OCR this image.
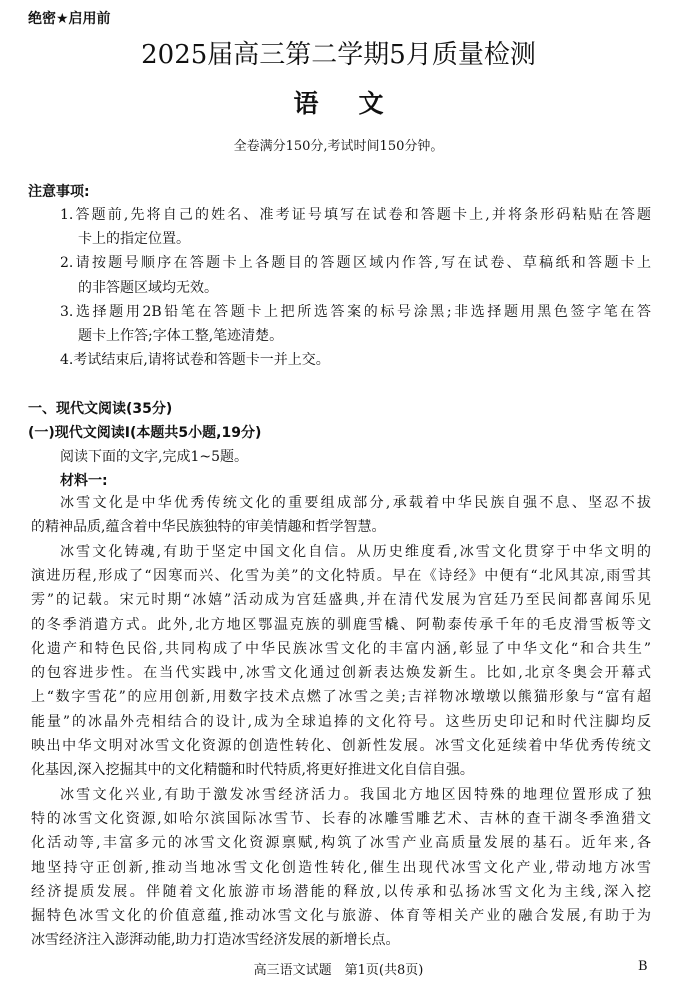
绝密★启用前
2025届高三第二学期5月质量检测
语文
全卷满分150分,考试时间150分钟。
注意事项:
1.答题前,先将自己的姓名、准考证号填写在试卷和答题卡上,并将条形码粘贴在答题
卡上的指定位置。
2.请按题号顺序在答题卡上各题目的答题区域内作答,写在试卷、草稿纸和答题卡上
的非答题区域均无效。
3.选择题用2B铅笔在答题卡上把所选答案的标号涂黑;非选择题用黑色签字笔在答
题卡上作答;字体工整,笔迹清楚。
4.考试结束后,请将试卷和答题卡一并上交。
一、现代文阅读(35分)
(一)现代文阅读Ⅰ(本题共5小题,19分)
阅读下面的文字,完成1~5题。
材料一:
冰雪文化是中华优秀传统文化的重要组成部分,承载着中华民族自强不息、坚忍不拔
的精神品质,蕴含着中华民族独特的审美情趣和哲学智慧。
冰雪文化铸魂,有助于坚定中国文化自信。从历史维度看,冰雪文化贯穿于中华文明的
演进历程,形成了“因寒而兴、化雪为美”的文化特质。早在《诗经》中便有“北风其凉,雨雪其
雱”的记载。宋元时期“冰嬉”活动成为宫廷盛典,并在清代发展为宫廷乃至民间都喜闻乐见
的冬季消遣方式。此外,北方地区鄂温克族的驯鹿雪橇、阿勒泰传承千年的毛皮滑雪板等文
化遗产和特色民俗,共同构成了中华民族冰雪文化的丰富内涵,彰显了中华文化“和合共生”
的包容进步性。在当代实践中,冰雪文化通过创新表达焕发新生。比如,北京冬奥会开幕式
上“数字雪花”的应用创新,用数字技术点燃了冰雪之美;吉祥物冰墩墩以熊猫形象与“富有超
能量”的冰晶外壳相结合的设计,成为全球追捧的文化符号。这些历史印记和时代注脚均反
映出中华文明对冰雪文化资源的创造性转化、创新性发展。冰雪文化延续着中华优秀传统文
化基因,深入挖掘其中的文化精髓和时代特质,将更好推进文化自信自强。
冰雪文化兴业,有助于激发冰雪经济活力。我国北方地区因特殊的地理位置形成了独
特的冰雪文化资源,如哈尔滨国际冰雪节、长春的冰雕雪雕艺术、吉林的查干湖冬季渔猎文
化活动等,丰富多元的冰雪文化资源禀赋,构筑了冰雪产业高质量发展的基石。近年来,各
地坚持守正创新,推动当地冰雪文化创造性转化,催生出现代冰雪文化产业,带动地方冰雪
经济提质发展。伴随着文化旅游市场潜能的释放,以传承和弘扬冰雪文化为主线,深入挖
掘特色冰雪文化的价值意蕴,推动冰雪文化与旅游、体育等相关产业的融合发展,有助于为
冰雪经济注入澎湃动能,助力打造冰雪经济发展的新增长点。
高三语文试题　第1页(共8页)	B
